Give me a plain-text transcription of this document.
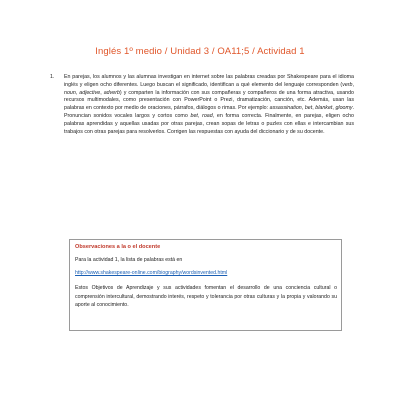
Inglés 1º medio / Unidad 3 / OA11;5 / Actividad 1
1. En parejas, los alumnos y las alumnas investigan en internet sobre las palabras creadas por Shakespeare para el idioma inglés y eligen ocho diferentes. Luego buscan el significado, identifican a qué elemento del lenguaje corresponden (verb, noun, adjective, adverb) y comparten la información con sus compañeras y compañeros de una forma atractiva, usando recursos multimodales, como presentación con PowerPoint o Prezi, dramatización, canción, etc. Además, usan las palabras en contexto por medio de oraciones, párrafos, diálogos o rimas. Por ejemplo: assassination, bet, blanket, gloomy. Pronuncian sonidos vocales largos y cortos como bet, road, en forma correcta. Finalmente, en parejas, eligen ocho palabras aprendidas y aquellas usadas por otras parejas, crean sopas de letras o puzles con ellas e intercambian sus trabajos con otras parejas para resolverlos. Corrigen las respuestas con ayuda del diccionario y de su docente.
Observaciones a la o el docente
Para la actividad 1, la lista de palabras está en
http://www.shakespeare-online.com/biography/wordsinvented.html
Estos Objetivos de Aprendizaje y sus actividades fomentan el desarrollo de una conciencia cultural o comprensión intercultural, demostrando interés, respeto y tolerancia por otras culturas y la propia y valorando su aporte al conocimiento.
